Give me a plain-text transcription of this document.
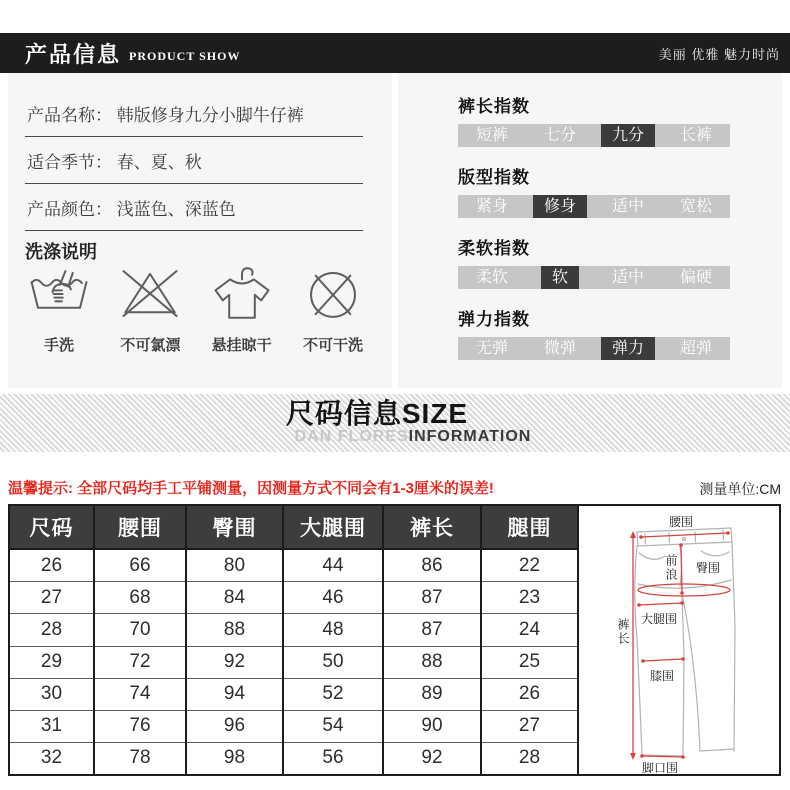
产品信息 PRODUCT SHOW	美丽 优雅 魅力时尚
产品名称： 韩版修身九分小脚牛仔裤
适合季节： 春、夏、秋
产品颜色： 浅蓝色、深蓝色
洗涤说明
手洗	不可氯漂	悬挂晾干	不可干洗
裤长指数
短裤	七分	九分	长裤
版型指数
紧身	修身	适中	宽松
柔软指数
柔软	软	适中	偏硬
弹力指数
无弹	微弹	弹力	超弹
尺码信息SIZE
DAN FLORESINFORMATION
温馨提示: 全部尺码均手工平铺测量，因测量方式不同会有1-3厘米的误差!	测量单位:CM
尺码	腰围	臀围	大腿围	裤长	腿围
26	66	80	44	86	22
27	68	84	46	87	23
28	70	88	48	87	24
29	72	92	50	88	25
30	74	94	52	89	26
31	76	96	54	90	27
32	78	98	56	92	28
腰围
前浪 臀围
大腿围
裤长
膝围
脚口围
